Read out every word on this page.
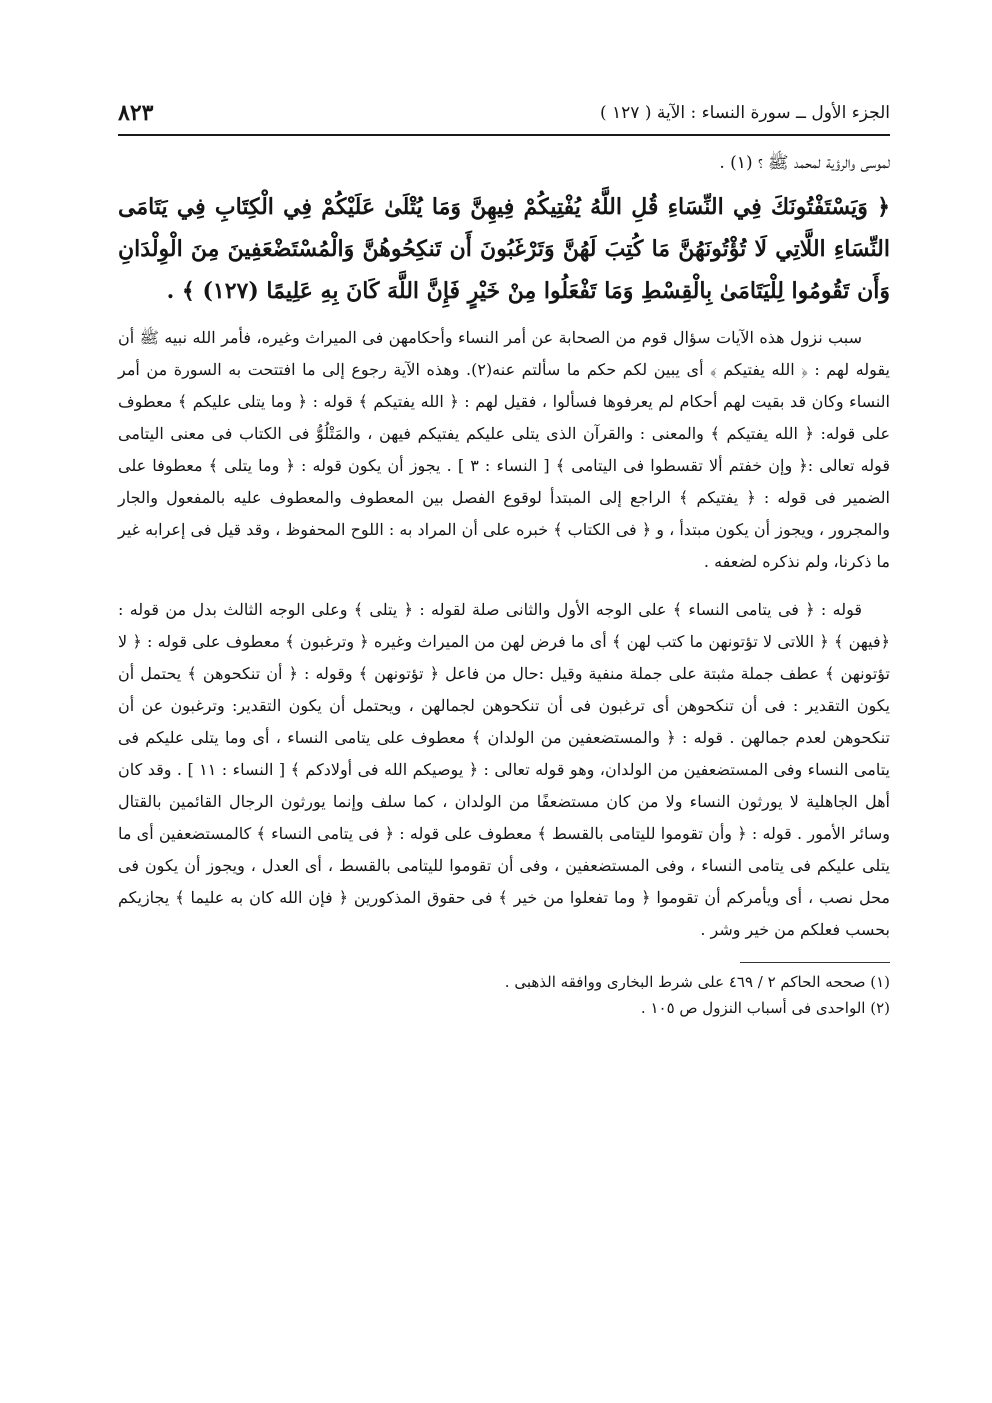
الجزء الأول ــ سورة النساء : الآية ( ١٢٧ )
٨٢٣
لموسى والرؤية لمحمد ﷺ ؟ (١) .
﴿ وَيَسْتَفْتُونَكَ فِي النِّسَاءِ قُلِ اللَّهُ يُفْتِيكُمْ فِيهِنَّ وَمَا يُتْلَىٰ عَلَيْكُمْ فِي الْكِتَابِ فِي يَتَامَى النِّسَاءِ اللَّاتِي لَا تُؤْتُونَهُنَّ مَا كُتِبَ لَهُنَّ وَتَرْغَبُونَ أَن تَنكِحُوهُنَّ وَالْمُسْتَضْعَفِينَ مِنَ الْوِلْدَانِ وَأَن تَقُومُوا لِلْيَتَامَىٰ بِالْقِسْطِ وَمَا تَفْعَلُوا مِنْ خَيْرٍ فَإِنَّ اللَّهَ كَانَ بِهِ عَلِيمًا (١٢٧) ﴾ .

سبب نزول هذه الآيات سؤال قوم من الصحابة عن أمر النساء وأحكامهن فى الميراث وغيره، فأمر الله نبيه ﷺ أن يقوله لهم : ﴿ الله يفتيكم ﴾ أى يبين لكم حكم ما سألتم عنه(٢). وهذه الآية رجوع إلى ما افتتحت به السورة من أمر النساء وكان قد بقيت لهم أحكام لم يعرفوها فسألوا ، فقيل لهم : ﴿ الله يفتيكم ﴾ قوله : ﴿ وما يتلى عليكم ﴾ معطوف على قوله: ﴿ الله يفتيكم ﴾ والمعنى : والقرآن الذى يتلى عليكم يفتيكم فيهن ، والمَتْلُوُّ فى الكتاب فى معنى اليتامى قوله تعالى :﴿ وإن خفتم ألا تقسطوا فى اليتامى ﴾ [ النساء : ٣ ] . يجوز أن يكون قوله : ﴿ وما يتلى ﴾ معطوفا على الضمير فى قوله : ﴿ يفتيكم ﴾ الراجع إلى المبتدأ لوقوع الفصل بين المعطوف والمعطوف عليه بالمفعول والجار والمجرور ، ويجوز أن يكون مبتدأ ، و ﴿ فى الكتاب ﴾ خبره على أن المراد به : اللوح المحفوظ ، وقد قيل فى إعرابه غير ما ذكرنا، ولم نذكره لضعفه .

قوله : ﴿ فى يتامى النساء ﴾ على الوجه الأول والثانى صلة لقوله : ﴿ يتلى ﴾ وعلى الوجه الثالث بدل من قوله : ﴿فيهن ﴾ ﴿ اللاتى لا تؤتونهن ما كتب لهن ﴾ أى ما فرض لهن من الميراث وغيره ﴿ وترغبون ﴾ معطوف على قوله : ﴿ لا تؤتونهن ﴾ عطف جملة مثبتة على جملة منفية وقيل :حال من فاعل ﴿ تؤتونهن ﴾ وقوله : ﴿ أن تنكحوهن ﴾ يحتمل أن يكون التقدير : فى أن تنكحوهن أى ترغبون فى أن تنكحوهن لجمالهن ، ويحتمل أن يكون التقدير: وترغبون عن أن تنكحوهن لعدم جمالهن . قوله : ﴿ والمستضعفين من الولدان ﴾ معطوف على يتامى النساء ، أى وما يتلى عليكم فى يتامى النساء وفى المستضعفين من الولدان، وهو قوله تعالى : ﴿ يوصيكم الله فى أولادكم ﴾ [ النساء : ١١ ] . وقد كان أهل الجاهلية لا يورثون النساء ولا من كان مستضعفًا من الولدان ، كما سلف وإنما يورثون الرجال القائمين بالقتال وسائر الأمور . قوله : ﴿ وأن تقوموا لليتامى بالقسط ﴾ معطوف على قوله : ﴿ فى يتامى النساء ﴾ كالمستضعفين أى ما يتلى عليكم فى يتامى النساء ، وفى المستضعفين ، وفى أن تقوموا لليتامى بالقسط ، أى العدل ، ويجوز أن يكون فى محل نصب ، أى ويأمركم أن تقوموا ﴿ وما تفعلوا من خير ﴾ فى حقوق المذكورين ﴿ فإن الله كان به عليما ﴾ يجازيكم بحسب فعلكم من خير وشر .

(١) صححه الحاكم ٢ / ٤٦٩ على شرط البخارى ووافقه الذهبى .
(٢) الواحدى فى أسباب النزول ص ١٠٥ .
